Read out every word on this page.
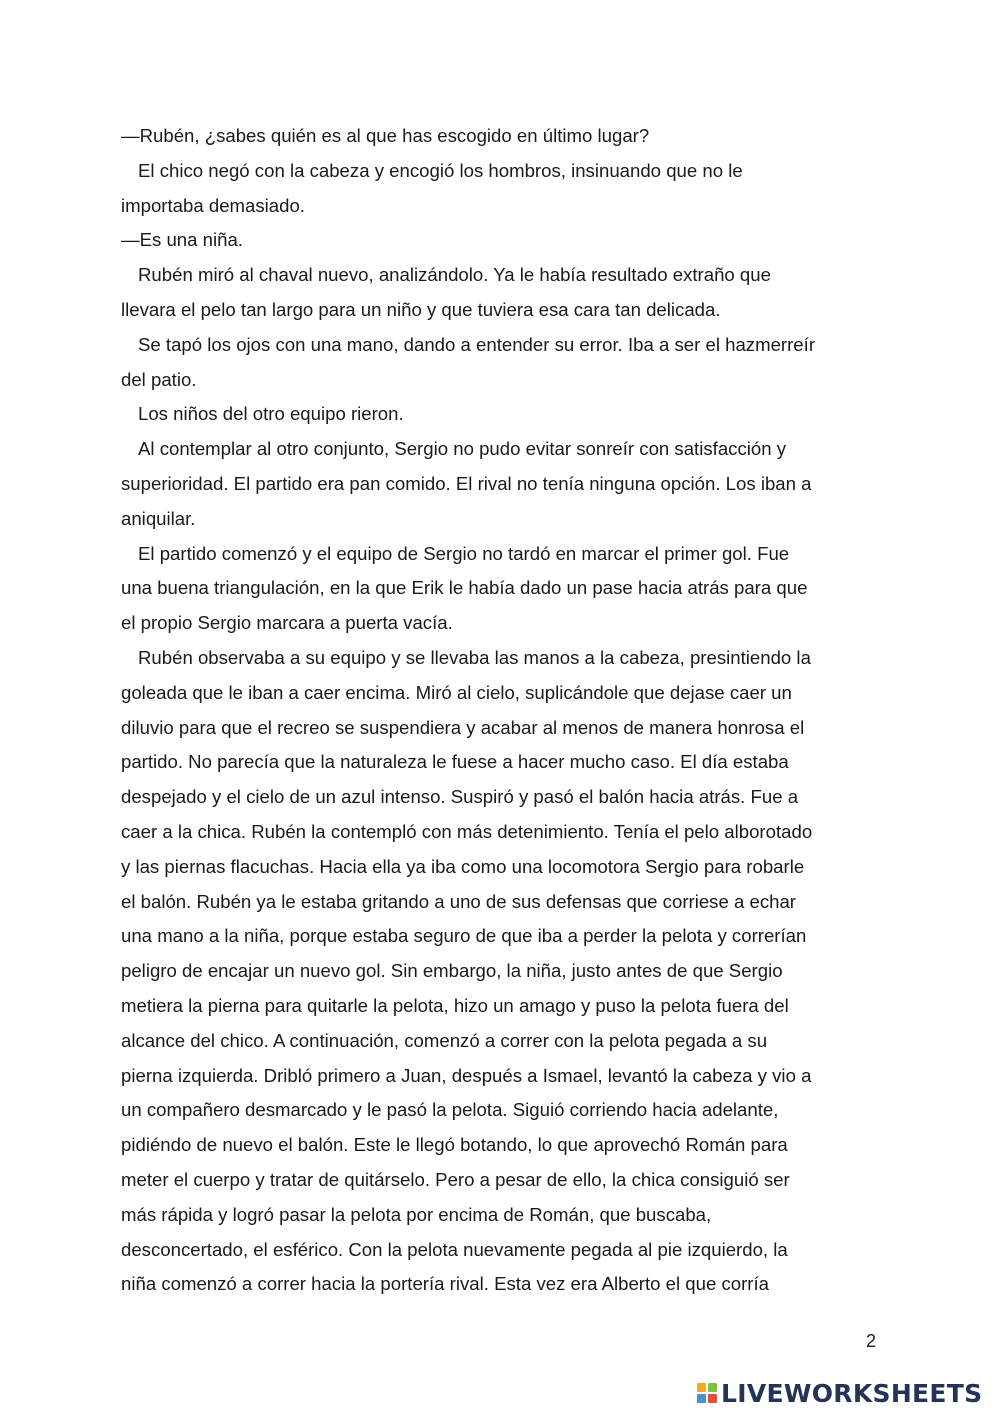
—Rubén, ¿sabes quién es al que has escogido en último lugar?
El chico negó con la cabeza y encogió los hombros, insinuando que no le
importaba demasiado.
—Es una niña.
Rubén miró al chaval nuevo, analizándolo. Ya le había resultado extraño que
llevara el pelo tan largo para un niño y que tuviera esa cara tan delicada.
Se tapó los ojos con una mano, dando a entender su error. Iba a ser el hazmerreír
del patio.
Los niños del otro equipo rieron.
Al contemplar al otro conjunto, Sergio no pudo evitar sonreír con satisfacción y
superioridad. El partido era pan comido. El rival no tenía ninguna opción. Los iban a
aniquilar.
El partido comenzó y el equipo de Sergio no tardó en marcar el primer gol. Fue
una buena triangulación, en la que Erik le había dado un pase hacia atrás para que
el propio Sergio marcara a puerta vacía.
Rubén observaba a su equipo y se llevaba las manos a la cabeza, presintiendo la
goleada que le iban a caer encima. Miró al cielo, suplicándole que dejase caer un
diluvio para que el recreo se suspendiera y acabar al menos de manera honrosa el
partido. No parecía que la naturaleza le fuese a hacer mucho caso. El día estaba
despejado y el cielo de un azul intenso. Suspiró y pasó el balón hacia atrás. Fue a
caer a la chica. Rubén la contempló con más detenimiento. Tenía el pelo alborotado
y las piernas flacuchas. Hacia ella ya iba como una locomotora Sergio para robarle
el balón. Rubén ya le estaba gritando a uno de sus defensas que corriese a echar
una mano a la niña, porque estaba seguro de que iba a perder la pelota y correrían
peligro de encajar un nuevo gol. Sin embargo, la niña, justo antes de que Sergio
metiera la pierna para quitarle la pelota, hizo un amago y puso la pelota fuera del
alcance del chico. A continuación, comenzó a correr con la pelota pegada a su
pierna izquierda. Dribló primero a Juan, después a Ismael, levantó la cabeza y vio a
un compañero desmarcado y le pasó la pelota. Siguió corriendo hacia adelante,
pidiéndo de nuevo el balón. Este le llegó botando, lo que aprovechó Román para
meter el cuerpo y tratar de quitárselo. Pero a pesar de ello, la chica consiguió ser
más rápida y logró pasar la pelota por encima de Román, que buscaba,
desconcertado, el esférico. Con la pelota nuevamente pegada al pie izquierdo, la
niña comenzó a correr hacia la portería rival. Esta vez era Alberto el que corría
2
LIVEWORKSHEETS
